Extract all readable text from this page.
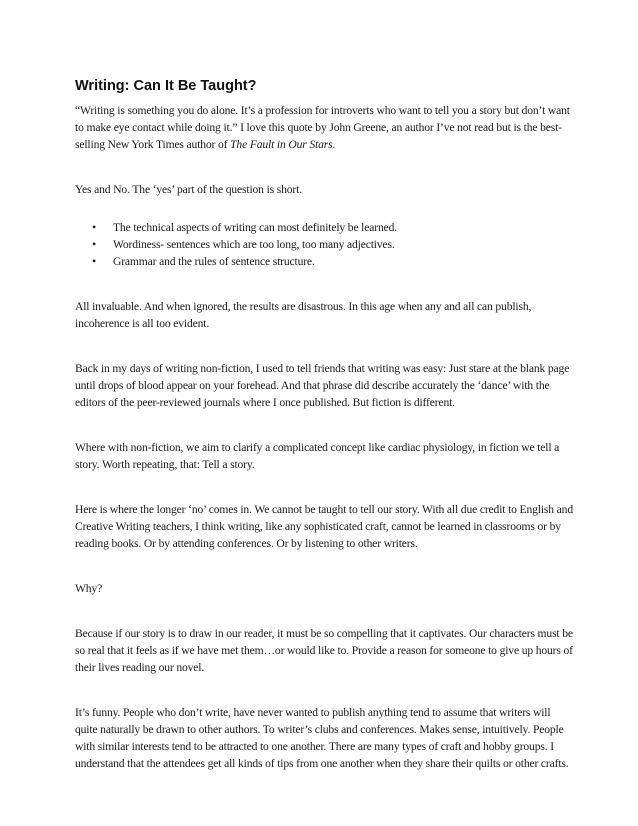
Writing: Can It Be Taught?

“Writing is something you do alone. It’s a profession for introverts who want to tell you a story but don’t want to make eye contact while doing it.” I love this quote by John Greene, an author I’ve not read but is the best-selling New York Times author of The Fault in Our Stars.

Yes and No. The ‘yes’ part of the question is short.

• The technical aspects of writing can most definitely be learned.
• Wordiness- sentences which are too long, too many adjectives.
• Grammar and the rules of sentence structure.

All invaluable. And when ignored, the results are disastrous. In this age when any and all can publish, incoherence is all too evident.

Back in my days of writing non-fiction, I used to tell friends that writing was easy: Just stare at the blank page until drops of blood appear on your forehead. And that phrase did describe accurately the ‘dance’ with the editors of the peer-reviewed journals where I once published. But fiction is different.

Where with non-fiction, we aim to clarify a complicated concept like cardiac physiology, in fiction we tell a story. Worth repeating, that: Tell a story.

Here is where the longer ‘no’ comes in. We cannot be taught to tell our story. With all due credit to English and Creative Writing teachers, I think writing, like any sophisticated craft, cannot be learned in classrooms or by reading books. Or by attending conferences. Or by listening to other writers.

Why?

Because if our story is to draw in our reader, it must be so compelling that it captivates. Our characters must be so real that it feels as if we have met them…or would like to. Provide a reason for someone to give up hours of their lives reading our novel.

It’s funny. People who don’t write, have never wanted to publish anything tend to assume that writers will quite naturally be drawn to other authors. To writer’s clubs and conferences. Makes sense, intuitively. People with similar interests tend to be attracted to one another. There are many types of craft and hobby groups. I understand that the attendees get all kinds of tips from one another when they share their quilts or other crafts.
